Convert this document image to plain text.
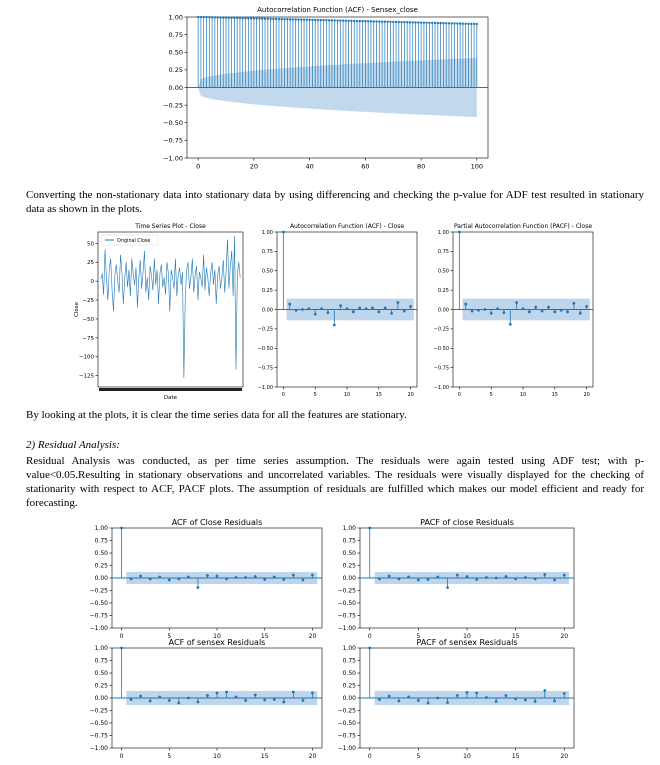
Autocorrelation Function (ACF) - Sensex_close
1.00
0.75
0.50
0.25
0.00
−0.25
−0.50
−0.75
−1.00
0	20	40	60	80	100
Time Series Plot - Close
50
25
0
−25
−50
−75
−100
−125
Original Close
Date
Close
Autocorrelation Function (ACF) - Close
1.00
0.75
0.50
0.25
0.00
−0.25
−0.50
−0.75
−1.00
0	5	10	15	20
Partial Autocorrelation Function (PACF) - Close
1.00
0.75
0.50
0.25
0.00
−0.25
−0.50
−0.75
−1.00
0	5	10	15	20
ACF of Close Residuals
1.00
0.75
0.50
0.25
0.00
−0.25
−0.50
−0.75
−1.00
0	5	10	15	20
PACF of close Residuals
1.00
0.75
0.50
0.25
0.00
−0.25
−0.50
−0.75
−1.00
0	5	10	15	20
ACF of sensex Residuals
1.00
0.75
0.50
0.25
0.00
−0.25
−0.50
−0.75
−1.00
0	5	10	15	20
PACF of sensex Residuals
1.00
0.75
0.50
0.25
0.00
−0.25
−0.50
−0.75
−1.00
0	5	10	15	20

Converting the non-stationary data into stationary data by using differencing and checking the p-value for ADF test resulted in stationary data as shown in the plots.

By looking at the plots, it is clear the time series data for all the features are stationary.

2) Residual Analysis:

Residual Analysis was conducted, as per time series assumption. The residuals were again tested using ADF test; with p-value<0.05.Resulting in stationary observations and uncorrelated variables. The residuals were visually displayed for the checking of stationarity with respect to ACF, PACF plots. The assumption of residuals are fulfilled which makes our model efficient and ready for forecasting.
